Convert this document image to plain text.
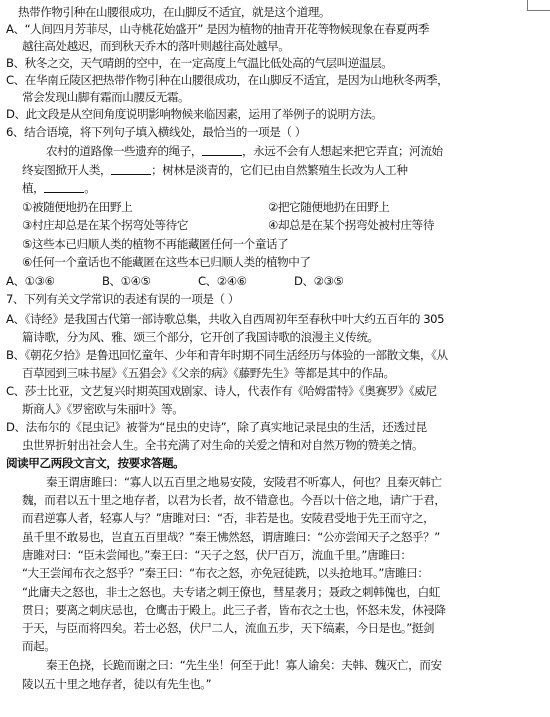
热带作物引种在山腰很成功，在山脚反不适宜，就是这个道理。
A、“人间四月芳菲尽，山寺桃花始盛开” 是因为植物的抽青开花等物候现象在春夏两季
越往高处越迟，而到秋天乔木的落叶则越往高处越早。
B、秋冬之交，天气晴朗的空中，在一定高度上气温比低处高的气层叫逆温层。
C、在华南丘陵区把热带作物引种在山腰很成功，在山脚反不适宜，是因为山地秋冬两季，
常会发现山脚有霜而山腰反无霜。
D、此文段是从空间角度说明影响物候来临因素，运用了举例子的说明方法。
6、结合语境，将下列句子填入横线处，最恰当的一项是（ ）
农村的道路像一些遗弃的绳子，	，永远不会有人想起来把它弄直；河流始
终妄图掀开人类，	；树林是淡青的，它们已由自然繁殖生长改为人工种
植，	。
①被随便地扔在田野上	②把它随便地扔在田野上
③村庄却总是在某个拐弯处等待它	④却总是在某个拐弯处被村庄等待
⑤这些本已归顺人类的植物不再能藏匿任何一个童话了
⑥任何一个童话也不能藏匿在这些本已归顺人类的植物中了
A、①③⑥	B、①④⑤	C、②④⑥	D、②③⑤
7、下列有关文学常识的表述有误的一项是（ ）
A、《诗经》是我国古代第一部诗歌总集，共收入自西周初年至春秋中叶大约五百年的 305
篇诗歌，分为风、雅、颂三个部分，它开创了我国诗歌的浪漫主义传统。
B、《朝花夕拾》是鲁迅回忆童年、少年和青年时期不同生活经历与体验的一部散文集，《从
百草园到三味书屋》《五猖会》《父亲的病》《藤野先生》等都是其中的作品。
C、莎士比亚，文艺复兴时期英国戏剧家、诗人，代表作有《哈姆雷特》《奥赛罗》《威尼
斯商人》《罗密欧与朱丽叶》等。
D、法布尔的《昆虫记》被誉为“昆虫的史诗”，除了真实地记录昆虫的生活，还透过昆
虫世界折射出社会人生。全书充满了对生命的关爱之情和对自然万物的赞美之情。
阅读甲乙两段文言文，按要求答题。
秦王谓唐雎曰：“寡人以五百里之地易安陵，安陵君不听寡人，何也？且秦灭韩亡
魏，而君以五十里之地存者，以君为长者，故不错意也。今吾以十倍之地，请广于君，
而君逆寡人者，轻寡人与？”唐雎对曰：“否，非若是也。安陵君受地于先王而守之，
虽千里不敢易也，岂直五百里哉？”秦王怫然怒，谓唐雎曰：“公亦尝闻天子之怒乎？”
唐雎对曰：“臣未尝闻也。”秦王曰：“天子之怒，伏尸百万，流血千里。”唐雎曰：
“大王尝闻布衣之怒乎？”秦王曰：“布衣之怒，亦免冠徒跣，以头抢地耳。”唐雎曰：
“此庸夫之怒也，非士之怒也。夫专诸之刺王僚也，彗星袭月；聂政之刺韩傀也，白虹
贯日；要离之刺庆忌也，仓鹰击于殿上。此三子者，皆布衣之士也，怀怒未发，休祲降
于天，与臣而将四矣。若士必怒，伏尸二人，流血五步，天下缟素，今日是也。”挺剑
而起。
秦王色挠，长跪而谢之曰：“先生坐！何至于此！寡人谕矣：夫韩、魏灭亡，而安
陵以五十里之地存者，徒以有先生也。”
